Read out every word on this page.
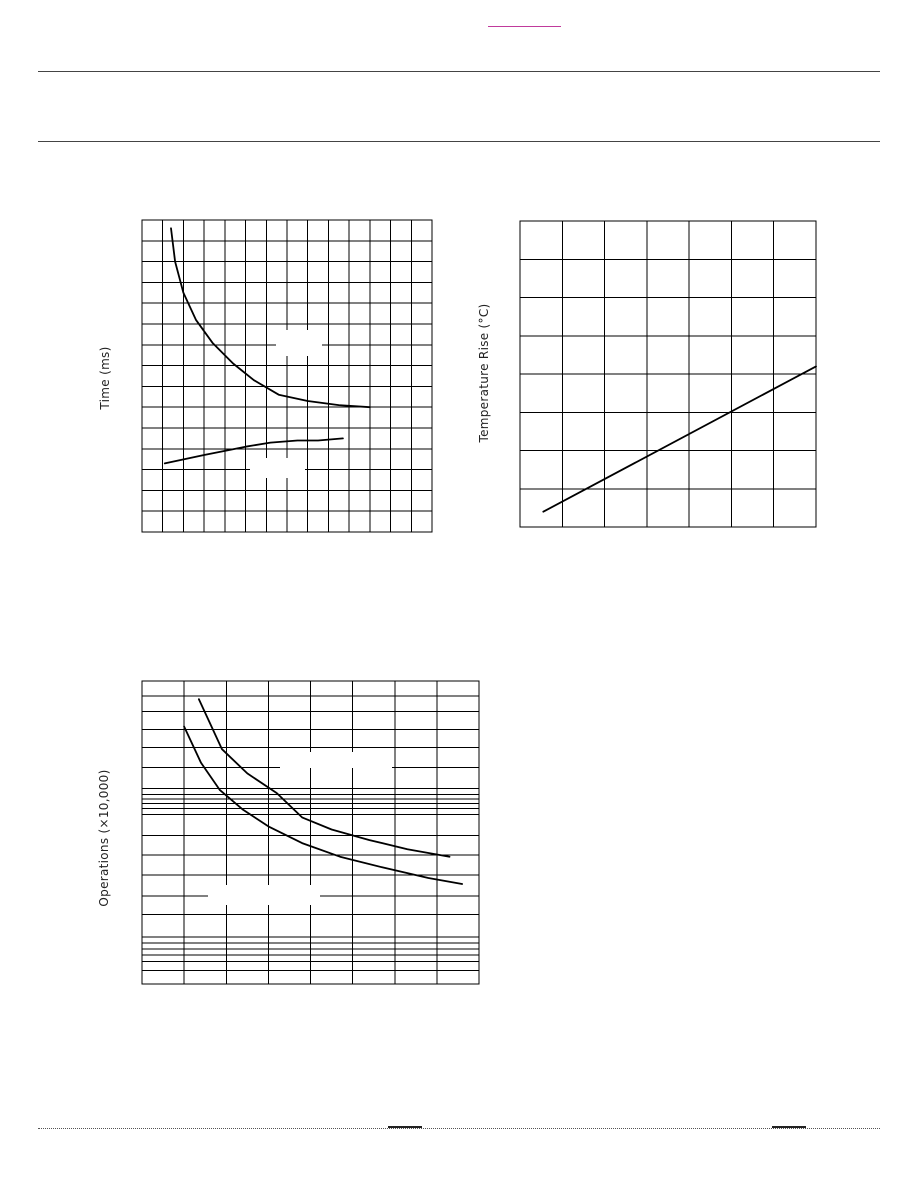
Time (ms)	Temperature Rise (°C)
Operations (×10,000)
